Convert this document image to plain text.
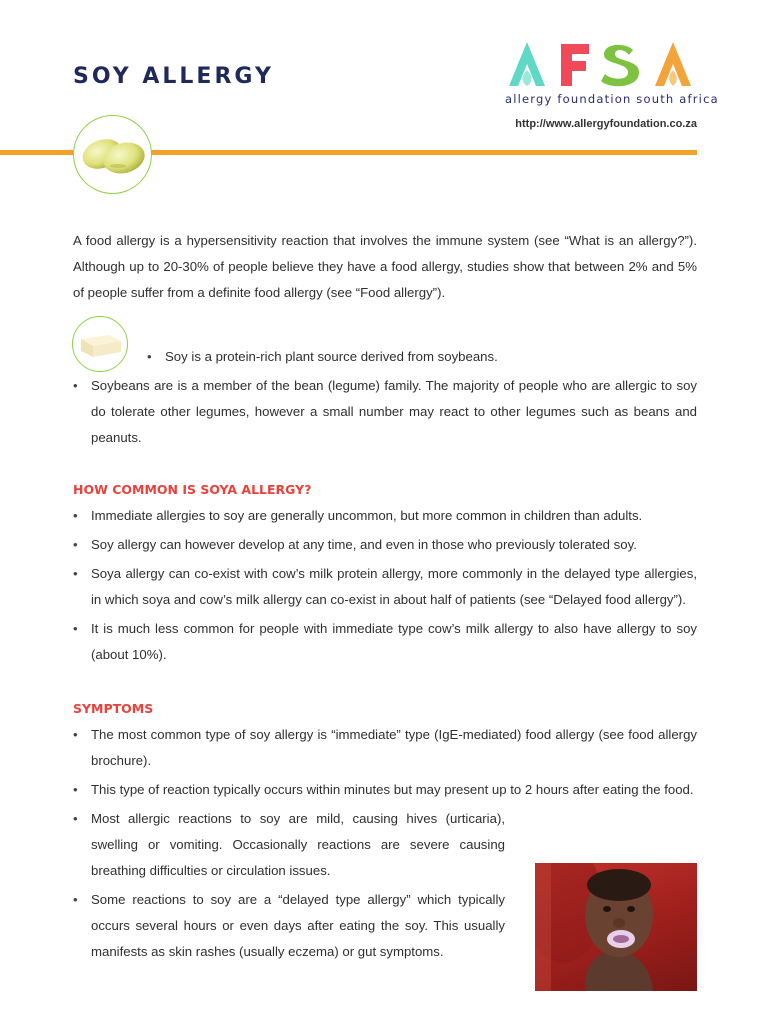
SOY ALLERGY
allergy foundation south africa
http://www.allergyfoundation.co.za

A food allergy is a hypersensitivity reaction that involves the immune system (see “What is an allergy?”). Although up to 20-30% of people believe they have a food allergy, studies show that between 2% and 5% of people suffer from a definite food allergy (see “Food allergy”).

• Soy is a protein-rich plant source derived from soybeans.
• Soybeans are is a member of the bean (legume) family. The majority of people who are allergic to soy do tolerate other legumes, however a small number may react to other legumes such as beans and peanuts.
HOW COMMON IS SOYA ALLERGY?
• Immediate allergies to soy are generally uncommon, but more common in children than adults.
• Soy allergy can however develop at any time, and even in those who previously tolerated soy.
• Soya allergy can co-exist with cow’s milk protein allergy, more commonly in the delayed type allergies, in which soya and cow’s milk allergy can co-exist in about half of patients (see “Delayed food allergy”).
• It is much less common for people with immediate type cow’s milk allergy to also have allergy to soy (about 10%).
SYMPTOMS
• The most common type of soy allergy is “immediate” type (IgE-mediated) food allergy (see food allergy brochure).
• This type of reaction typically occurs within minutes but may present up to 2 hours after eating the food.
• Most allergic reactions to soy are mild, causing hives (urticaria), swelling or vomiting. Occasionally reactions are severe causing breathing difficulties or circulation issues.
• Some reactions to soy are a “delayed type allergy” which typically occurs several hours or even days after eating the soy. This usually manifests as skin rashes (usually eczema) or gut symptoms.
